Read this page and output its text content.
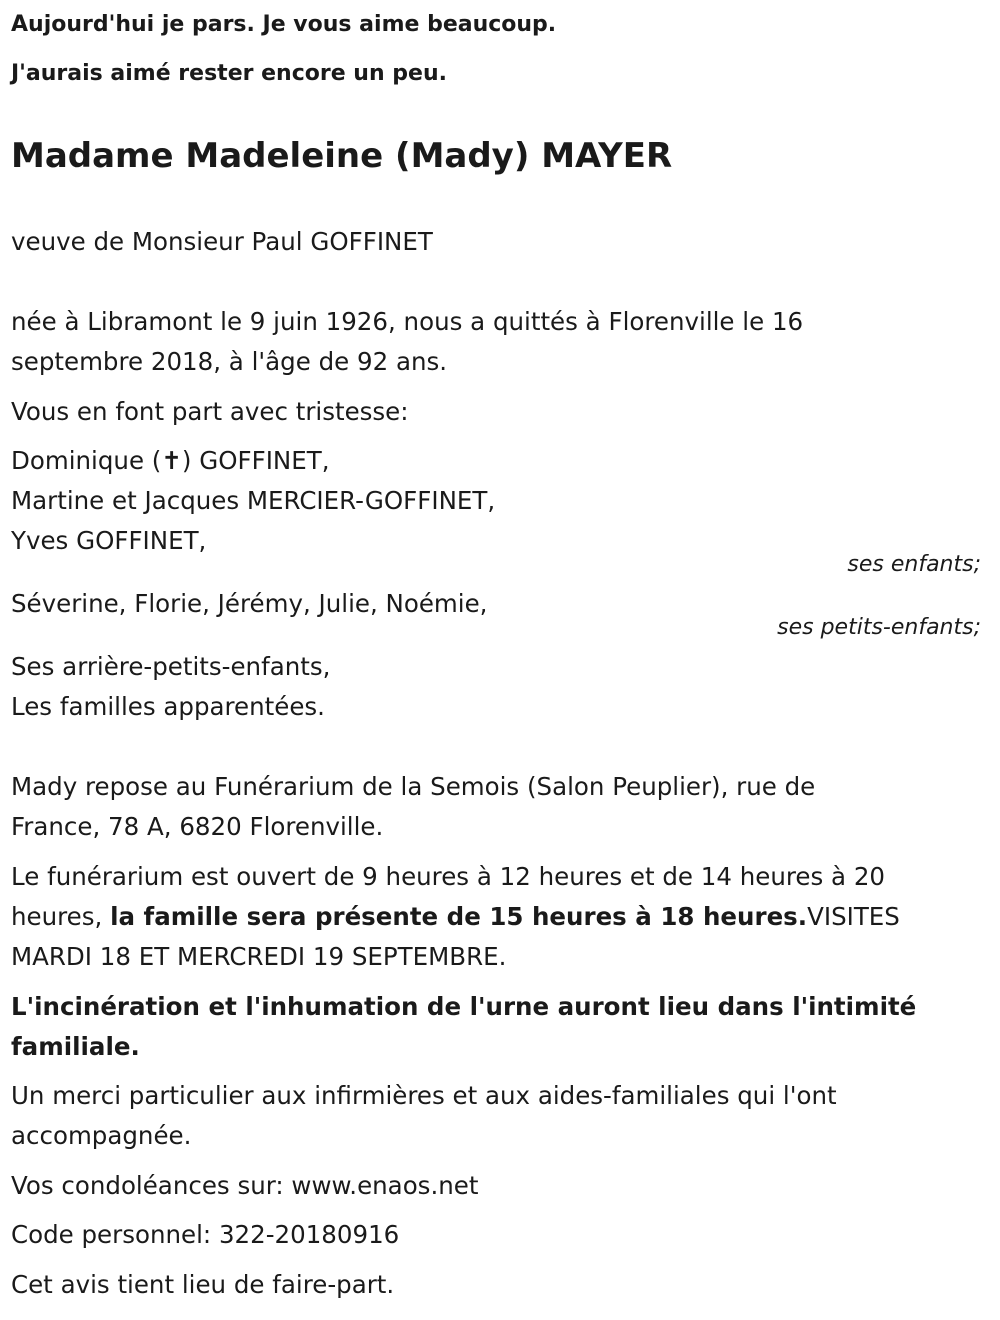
Aujourd'hui je pars. Je vous aime beaucoup.

J'aurais aimé rester encore un peu.

Madame Madeleine (Mady) MAYER

veuve de Monsieur Paul GOFFINET

née à Libramont le 9 juin 1926, nous a quittés à Florenville le 16

septembre 2018, à l'âge de 92 ans.

Vous en font part avec tristesse:

Dominique (✝) GOFFINET,

Martine et Jacques MERCIER-GOFFINET,

Yves GOFFINET,

ses enfants;

Séverine, Florie, Jérémy, Julie, Noémie,

ses petits-enfants;

Ses arrière-petits-enfants,

Les familles apparentées.

Mady repose au Funérarium de la Semois (Salon Peuplier), rue de

France, 78 A, 6820 Florenville.

Le funérarium est ouvert de 9 heures à 12 heures et de 14 heures à 20

heures, la famille sera présente de 15 heures à 18 heures.VISITES

MARDI 18 ET MERCREDI 19 SEPTEMBRE.

L'incinération et l'inhumation de l'urne auront lieu dans l'intimité

familiale.

Un merci particulier aux infirmières et aux aides-familiales qui l'ont

accompagnée.

Vos condoléances sur: www.enaos.net

Code personnel: 322-20180916

Cet avis tient lieu de faire-part.
